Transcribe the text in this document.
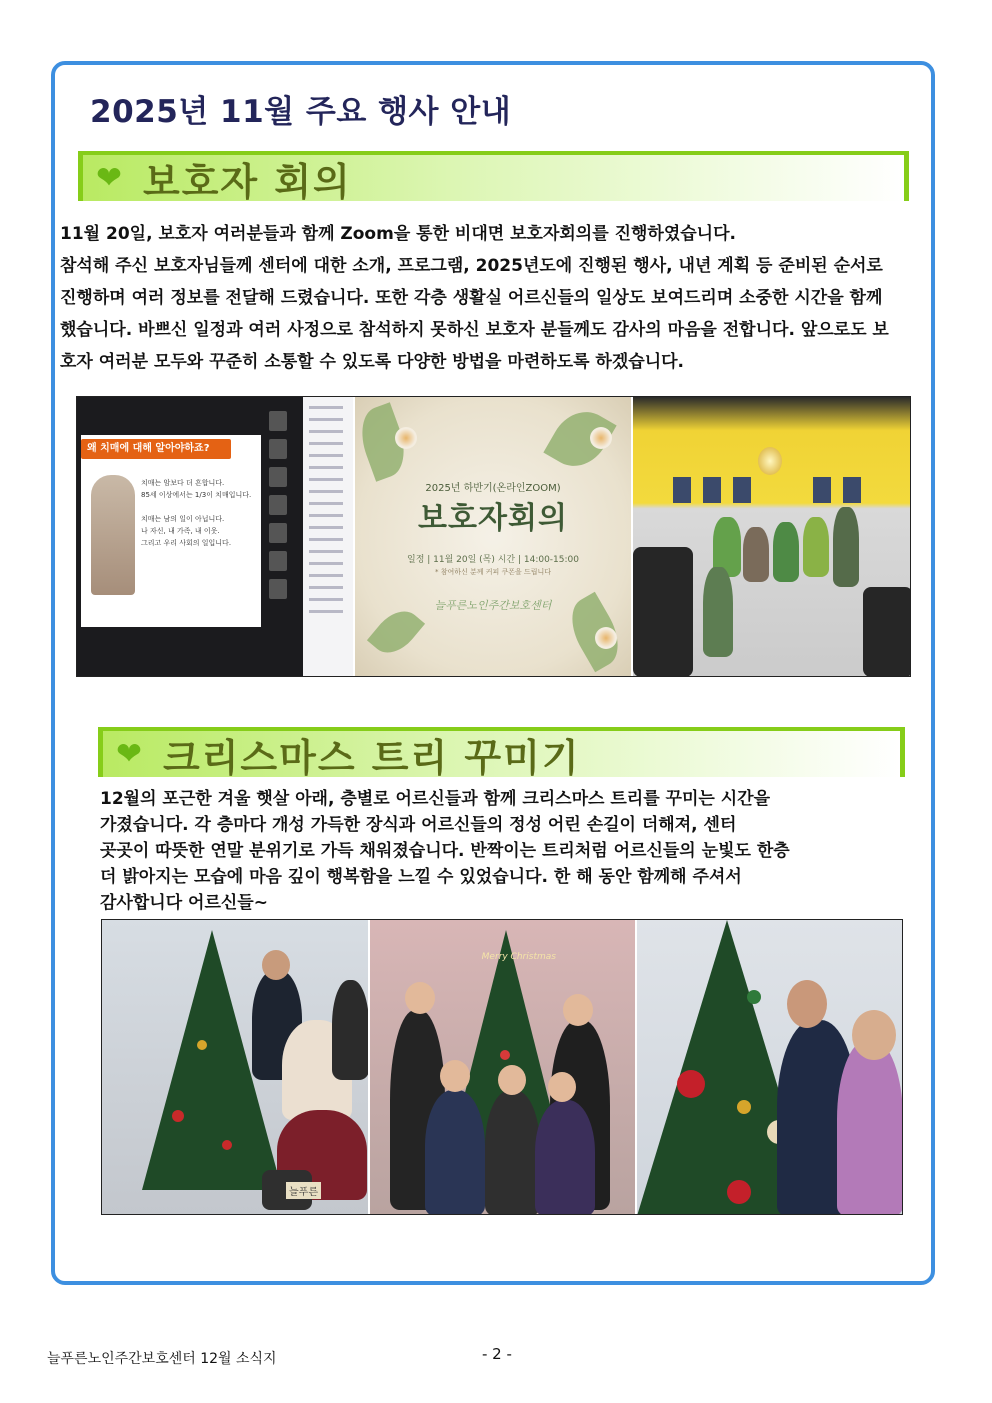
2025년 11월 주요 행사 안내
❤ 보호자 회의
11월 20일, 보호자 여러분들과 함께 Zoom을 통한 비대면 보호자회의를 진행하였습니다.
참석해 주신 보호자님들께 센터에 대한 소개, 프로그램, 2025년도에 진행된 행사, 내년 계획 등 준비된 순서로
진행하며 여러 정보를 전달해 드렸습니다. 또한 각층 생활실 어르신들의 일상도 보여드리며 소중한 시간을 함께
했습니다. 바쁘신 일정과 여러 사정으로 참석하지 못하신 보호자 분들께도 감사의 마음을 전합니다. 앞으로도 보
호자 여러분 모두와 꾸준히 소통할 수 있도록 다양한 방법을 마련하도록 하겠습니다.
왜 치매에 대해 알아야하죠?
치매는 암보다 더 흔합니다.
85세 이상에서는 1/3이 치매입니다.
치매는 남의 일이 아닙니다.
나 자신, 내 가족, 내 이웃.
그리고 우리 사회의 일입니다.
2025년 하반기(온라인ZOOM)
보호자회의
일정 | 11월 20일 (목) 시간 | 14:00-15:00
* 참여하신 분께 커피 쿠폰을 드립니다
늘푸른노인주간보호센터
❤ 크리스마스 트리 꾸미기
12월의 포근한 겨울 햇살 아래, 층별로 어르신들과 함께 크리스마스 트리를 꾸미는 시간을
가졌습니다. 각 층마다 개성 가득한 장식과 어르신들의 정성 어린 손길이 더해져, 센터
곳곳이 따뜻한 연말 분위기로 가득 채워졌습니다. 반짝이는 트리처럼 어르신들의 눈빛도 한층
더 밝아지는 모습에 마음 깊이 행복함을 느낄 수 있었습니다. 한 해 동안 함께해 주셔서
감사합니다 어르신들~
늘푸른
Merry Christmas
늘푸른노인주간보호센터 12월 소식지	- 2 -
